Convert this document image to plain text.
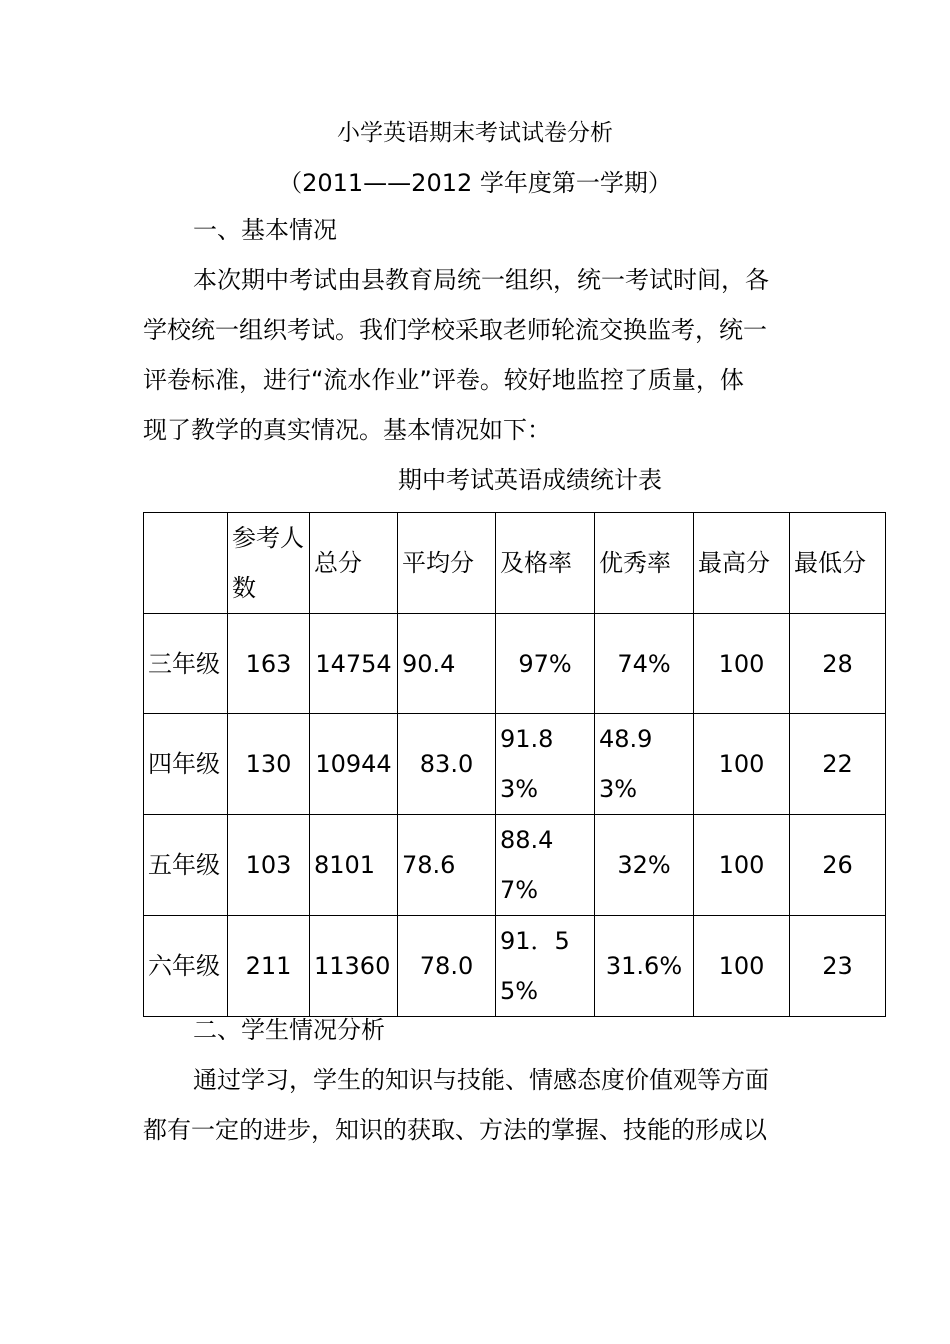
小学英语期末考试试卷分析
（2011——2012 学年度第一学期）
一、基本情况
本次期中考试由县教育局统一组织，统一考试时间，各
学校统一组织考试。我们学校采取老师轮流交换监考，统一
评卷标准，进行“流水作业”评卷。较好地监控了质量，体
现了教学的真实情况。基本情况如下：
期中考试英语成绩统计表
	参考人数	总分	平均分	及格率	优秀率	最高分	最低分
三年级	163	14754	90.4	97%	74%	100	28
四年级	130	10944	83.0	91.83%	48.93%	100	22
五年级	103	8101	78.6	88.47%	32%	100	26
六年级	211	11360	78.0	91．55%	31.6%	100	23
二、学生情况分析
通过学习，学生的知识与技能、情感态度价值观等方面
都有一定的进步，知识的获取、方法的掌握、技能的形成以
